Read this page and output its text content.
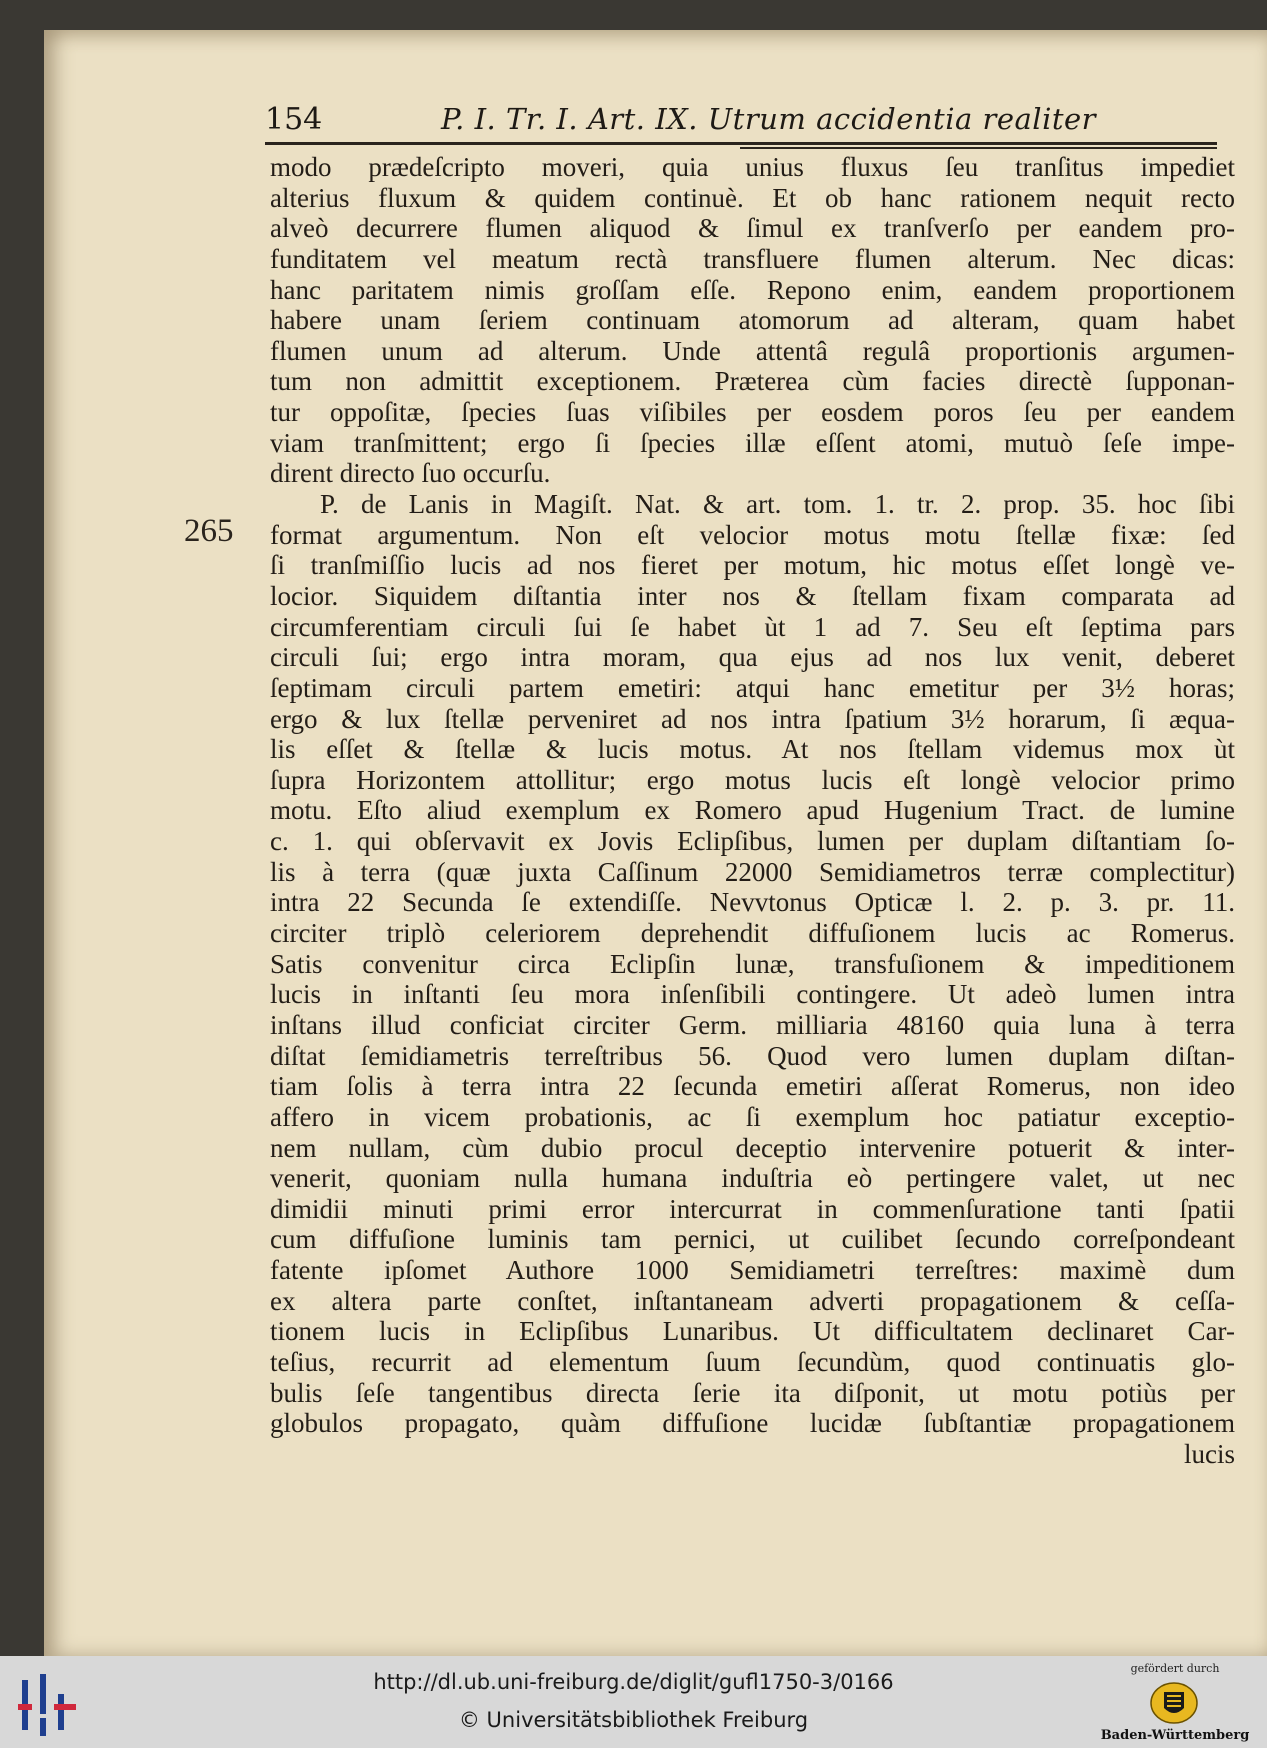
154	P. I. Tr. I. Art. IX. Utrum accidentia realiter
265
modo prædeſcripto moveri, quia unius fluxus ſeu tranſitus impediet
alterius fluxum & quidem continuè. Et ob hanc rationem nequit recto
alveò decurrere flumen aliquod & ſimul ex tranſverſo per eandem pro-
funditatem vel meatum rectà transfluere flumen alterum. Nec dicas:
hanc paritatem nimis groſſam eſſe. Repono enim, eandem proportionem
habere unam ſeriem continuam atomorum ad alteram, quam habet
flumen unum ad alterum. Unde attentâ regulâ proportionis argumen-
tum non admittit exceptionem. Præterea cùm facies directè ſupponan-
tur oppoſitæ, ſpecies ſuas viſibiles per eosdem poros ſeu per eandem
viam tranſmittent; ergo ſi ſpecies illæ eſſent atomi, mutuò ſeſe impe-
dirent directo ſuo occurſu.
P. de Lanis in Magiſt. Nat. & art. tom. 1. tr. 2. prop. 35. hoc ſibi
format argumentum. Non eſt velocior motus motu ſtellæ fixæ: ſed
ſi tranſmiſſio lucis ad nos fieret per motum, hic motus eſſet longè ve-
locior. Siquidem diſtantia inter nos & ſtellam fixam comparata ad
circumferentiam circuli ſui ſe habet ùt 1 ad 7. Seu eſt ſeptima pars
circuli ſui; ergo intra moram, qua ejus ad nos lux venit, deberet
ſeptimam circuli partem emetiri: atqui hanc emetitur per 3½ horas;
ergo & lux ſtellæ perveniret ad nos intra ſpatium 3½ horarum, ſi æqua-
lis eſſet & ſtellæ & lucis motus. At nos ſtellam videmus mox ùt
ſupra Horizontem attollitur; ergo motus lucis eſt longè velocior primo
motu. Eſto aliud exemplum ex Romero apud Hugenium Tract. de lumine
c. 1. qui obſervavit ex Jovis Eclipſibus, lumen per duplam diſtantiam ſo-
lis à terra (quæ juxta Caſſinum 22000 Semidiametros terræ complectitur)
intra 22 Secunda ſe extendiſſe. Nevvtonus Opticæ l. 2. p. 3. pr. 11.
circiter triplò celeriorem deprehendit diffuſionem lucis ac Romerus.
Satis convenitur circa Eclipſin lunæ, transfuſionem & impeditionem
lucis in inſtanti ſeu mora inſenſibili contingere. Ut adeò lumen intra
inſtans illud conficiat circiter Germ. milliaria 48160 quia luna à terra
diſtat ſemidiametris terreſtribus 56. Quod vero lumen duplam diſtan-
tiam ſolis à terra intra 22 ſecunda emetiri aſſerat Romerus, non ideo
affero in vicem probationis, ac ſi exemplum hoc patiatur exceptio-
nem nullam, cùm dubio procul deceptio intervenire potuerit & inter-
venerit, quoniam nulla humana induſtria eò pertingere valet, ut nec
dimidii minuti primi error intercurrat in commenſuratione tanti ſpatii
cum diffuſione luminis tam pernici, ut cuilibet ſecundo correſpondeant
fatente ipſomet Authore 1000 Semidiametri terreſtres: maximè dum
ex altera parte conſtet, inſtantaneam adverti propagationem & ceſſa-
tionem lucis in Eclipſibus Lunaribus. Ut difficultatem declinaret Car-
teſius, recurrit ad elementum ſuum ſecundùm, quod continuatis glo-
bulis ſeſe tangentibus directa ſerie ita diſponit, ut motu potiùs per
globulos propagato, quàm diffuſione lucidæ ſubſtantiæ propagationem
lucis
http://dl.ub.uni-freiburg.de/diglit/gufl1750-3/0166
© Universitätsbibliothek Freiburg
gefördert durch
Baden-Württemberg
